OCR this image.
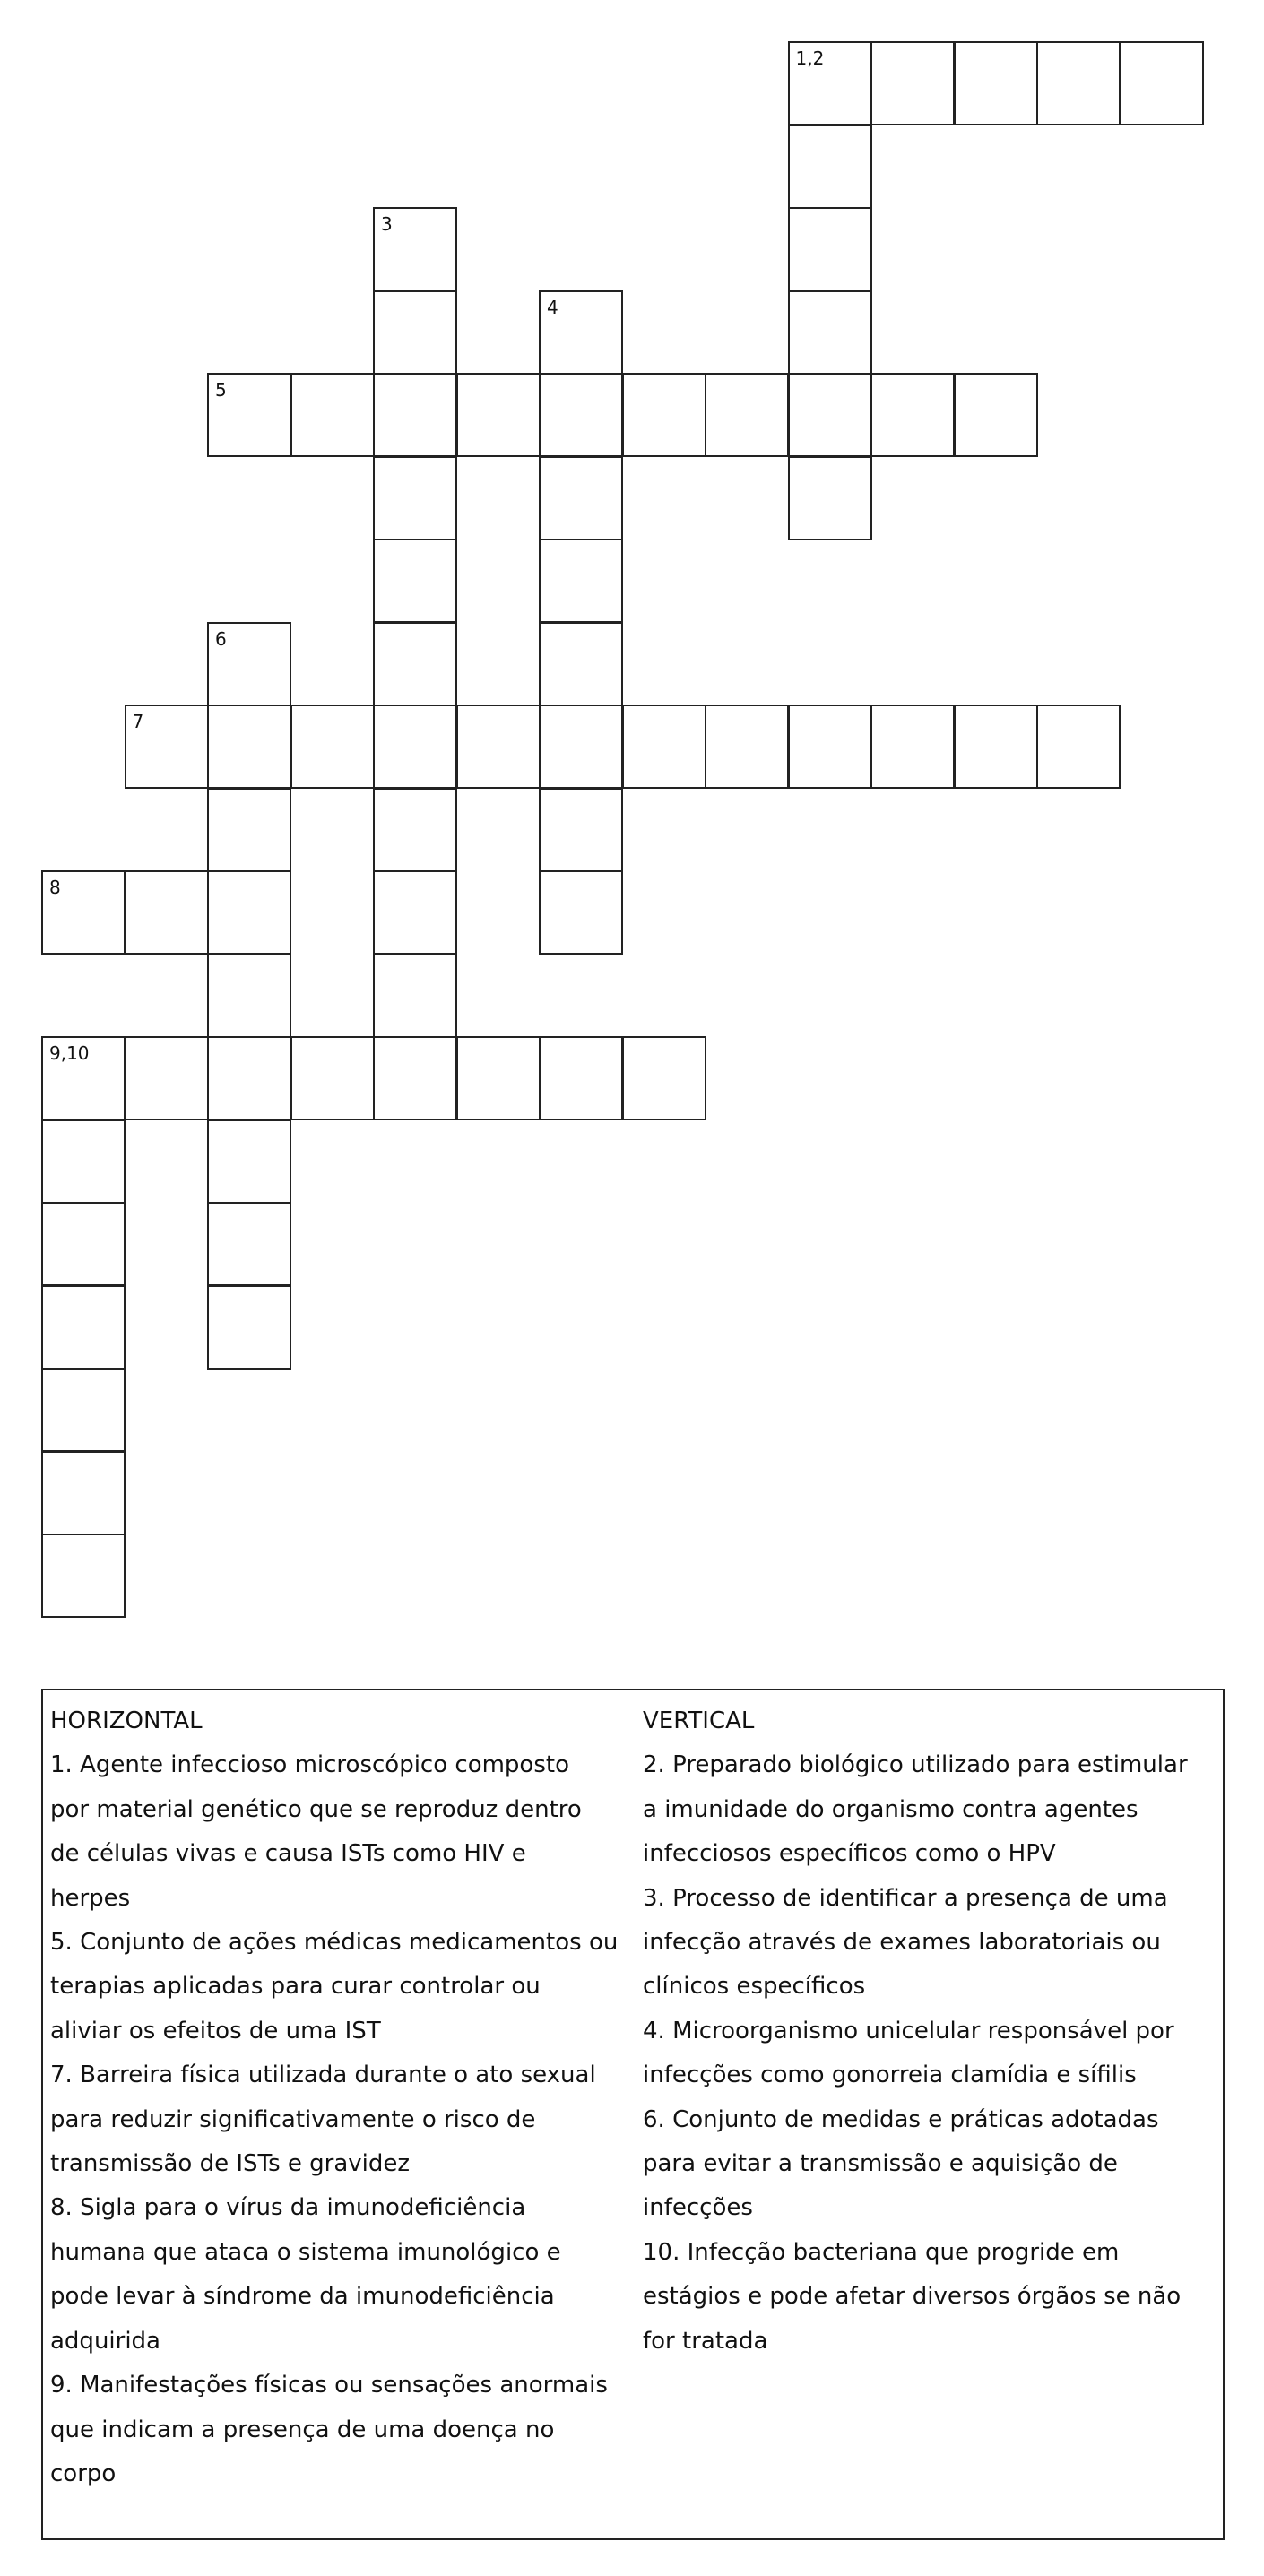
1,2
3
4
5
6
7
8
9,10
HORIZONTAL
1. Agente infeccioso microscópico composto
por material genético que se reproduz dentro
de células vivas e causa ISTs como HIV e
herpes
5. Conjunto de ações médicas medicamentos ou
terapias aplicadas para curar controlar ou
aliviar os efeitos de uma IST
7. Barreira física utilizada durante o ato sexual
para reduzir significativamente o risco de
transmissão de ISTs e gravidez
8. Sigla para o vírus da imunodeficiência
humana que ataca o sistema imunológico e
pode levar à síndrome da imunodeficiência
adquirida
9. Manifestações físicas ou sensações anormais
que indicam a presença de uma doença no
corpo
VERTICAL
2. Preparado biológico utilizado para estimular
a imunidade do organismo contra agentes
infecciosos específicos como o HPV
3. Processo de identificar a presença de uma
infecção através de exames laboratoriais ou
clínicos específicos
4. Microorganismo unicelular responsável por
infecções como gonorreia clamídia e sífilis
6. Conjunto de medidas e práticas adotadas
para evitar a transmissão e aquisição de
infecções
10. Infecção bacteriana que progride em
estágios e pode afetar diversos órgãos se não
for tratada
